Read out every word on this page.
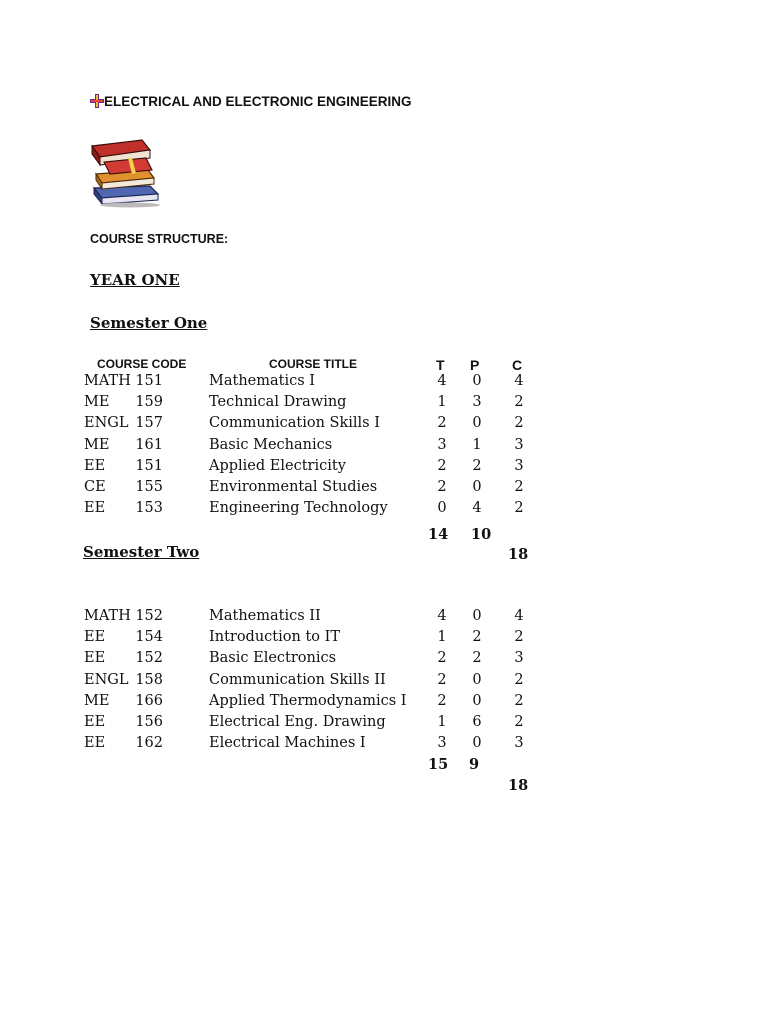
ELECTRICAL AND ELECTRONIC ENGINEERING
COURSE STRUCTURE:
YEAR ONE
Semester One
COURSE CODE	COURSE TITLE	T P C
MATH 151	Mathematics I	4	0	4
ME	159	Technical Drawing	1	3	2
ENGL 157	Communication Skills I	2	0	2
ME	161	Basic Mechanics	3	1	3
EE	151	Applied Electricity	2	2	3
CE	155	Environmental Studies	2	0	2
EE	153	Engineering Technology	0	4	2
14 10
18
Semester Two
MATH 152	Mathematics II	4	0	4
EE	154	Introduction to IT	1	2	2
EE	152	Basic Electronics	2	2	3
ENGL 158	Communication Skills II	2	0	2
ME	166	Applied Thermodynamics I	2	0	2
EE	156	Electrical Eng. Drawing	1	6	2
EE	162	Electrical Machines I	3	0	3
15 9
18
